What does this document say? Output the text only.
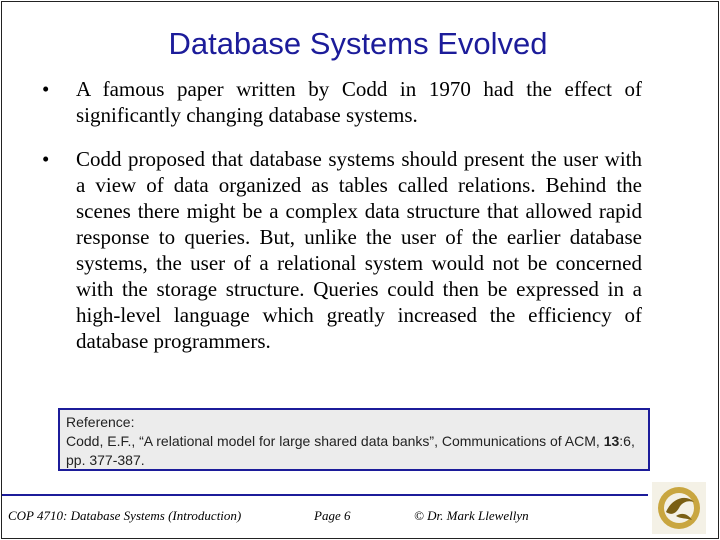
Database Systems Evolved
• A famous paper written by Codd in 1970 had the effect of significantly changing database systems.
• Codd proposed that database systems should present the user with a view of data organized as tables called relations. Behind the scenes there might be a complex data structure that allowed rapid response to queries. But, unlike the user of the earlier database systems, the user of a relational system would not be concerned with the storage structure. Queries could then be expressed in a high-level language which greatly increased the efficiency of database programmers.
Reference:
Codd, E.F., “A relational model for large shared data banks”, Communications of ACM, 13:6, pp. 377-387.
COP 4710: Database Systems (Introduction)	Page 6	© Dr. Mark Llewellyn
